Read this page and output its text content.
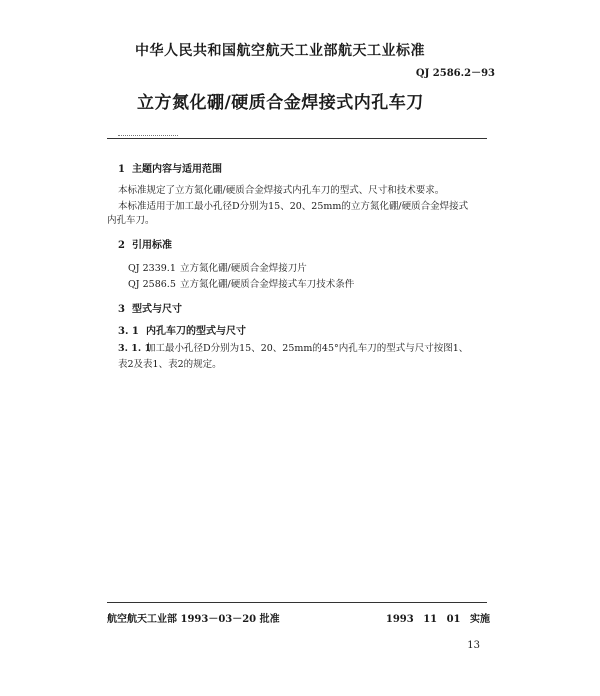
中华人民共和国航空航天工业部航天工业标准
QJ 2586.2－93
立方氮化硼/硬质合金焊接式内孔车刀
1 主题内容与适用范围
本标准规定了立方氮化硼/硬质合金焊接式内孔车刀的型式、尺寸和技术要求。
本标准适用于加工最小孔径D分别为15、20、25mm的立方氮化硼/硬质合金焊接式
内孔车刀。
2 引用标准
QJ 2339.1 立方氮化硼/硬质合金焊接刀片
QJ 2586.5 立方氮化硼/硬质合金焊接式车刀技术条件
3 型式与尺寸
3. 1 内孔车刀的型式与尺寸
3. 1. 1加工最小孔径D分别为15、20、25mm的45°内孔车刀的型式与尺寸按图1、
表2及表1、表2的规定。
航空航天工业部 1993－03－20 批准	1993 11 01 实施
13
